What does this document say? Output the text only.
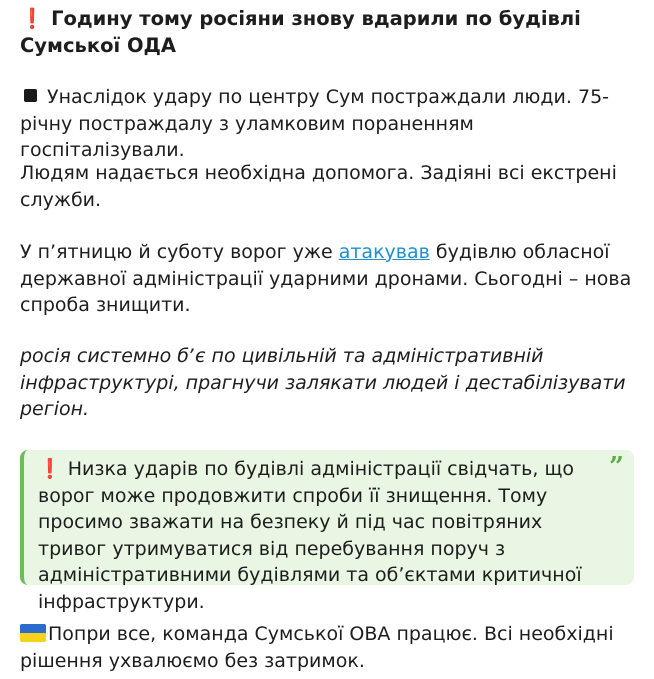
❗ Годину тому росіяни знову вдарили по будівлі Сумської ОДА

Унаслідок удару по центру Сум постраждали люди. 75-річну постраждалу з уламковим пораненням госпіталізували.

Людям надається необхідна допомога. Задіяні всі екстрені служби.

У п’ятницю й суботу ворог уже атакував будівлю обласної державної адміністрації ударними дронами. Сьогодні – нова спроба знищити.

росія системно бʼє по цивільній та адміністративній інфраструктурі, прагнучи залякати людей і дестабілізувати регіон.

❗ Низка ударів по будівлі адміністрації свідчать, що ворог може продовжити спроби її знищення. Тому просимо зважати на безпеку й під час повітряних тривог утримуватися від перебування поруч з адміністративними будівлями та обʼєктами критичної інфраструктури.

”

Попри все, команда Сумської ОВА працює. Всі необхідні рішення ухвалюємо без затримок.
